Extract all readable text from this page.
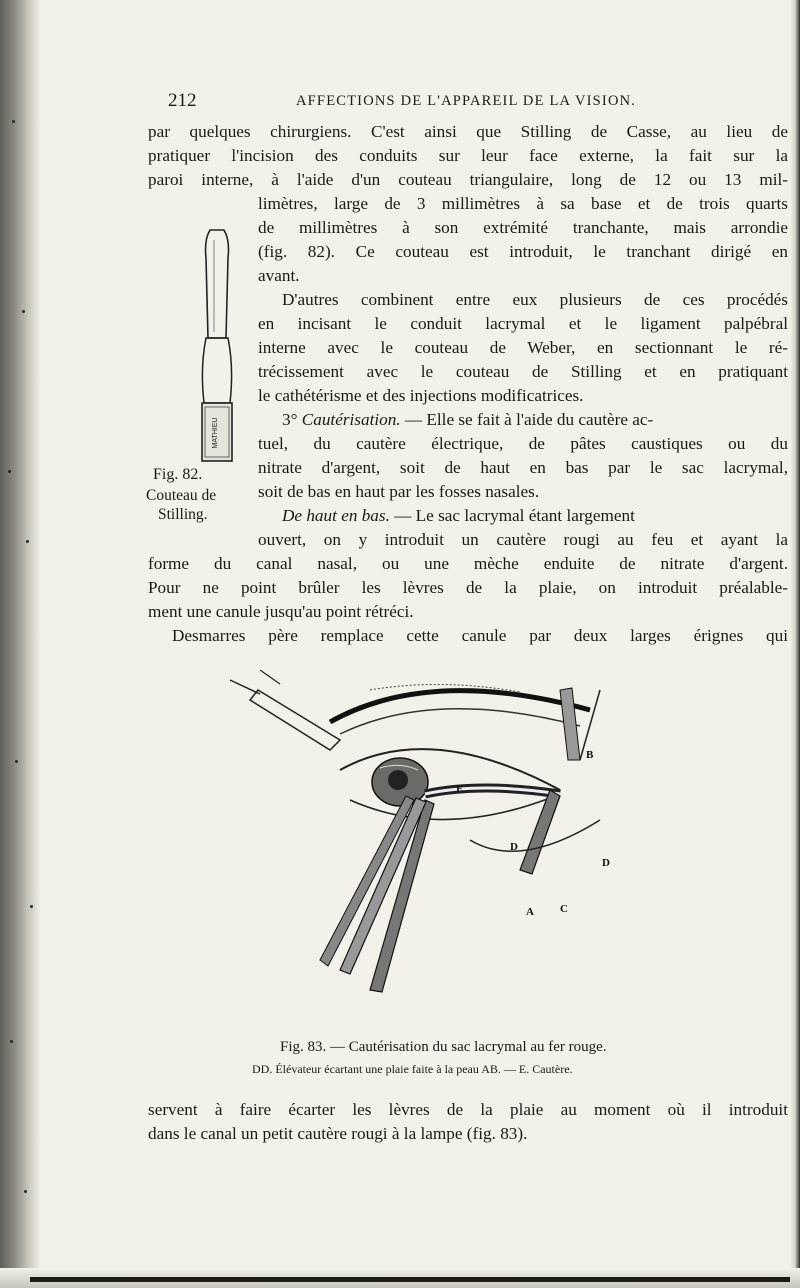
212	AFFECTIONS DE L'APPAREIL DE LA VISION.
par quelques chirurgiens. C'est ainsi que Stilling de Casse, au lieu de
pratiquer l'incision des conduits sur leur face externe, la fait sur la
paroi interne, à l'aide d'un couteau triangulaire, long de 12 ou 13 mil-
limètres, large de 3 millimètres à sa base et de trois quarts
de millimètres à son extrémité tranchante, mais arrondie
(fig. 82). Ce couteau est introduit, le tranchant dirigé en
avant.
D'autres combinent entre eux plusieurs de ces procédés
en incisant le conduit lacrymal et le ligament palpébral
interne avec le couteau de Weber, en sectionnant le ré-
trécissement avec le couteau de Stilling et en pratiquant
le cathétérisme et des injections modificatrices.
3° Cautérisation. — Elle se fait à l'aide du cautère ac-
tuel, du cautère électrique, de pâtes caustiques ou du
nitrate d'argent, soit de haut en bas par le sac lacrymal,
soit de bas en haut par les fosses nasales.
De haut en bas. — Le sac lacrymal étant largement
ouvert, on y introduit un cautère rougi au feu et ayant la
forme du canal nasal, ou une mèche enduite de nitrate d'argent.
Pour ne point brûler les lèvres de la plaie, on introduit préalable-
ment une canule jusqu'au point rétréci.
Desmarres père remplace cette canule par deux larges érignes qui
MATHIEU
Fig. 82.
Couteau de
Stilling.
E
B
D
D
A C
Fig. 83. — Cautérisation du sac lacrymal au fer rouge.
DD. Élévateur écartant une plaie faite à la peau AB. — E. Cautère.
servent à faire écarter les lèvres de la plaie au moment où il introduit
dans le canal un petit cautère rougi à la lampe (fig. 83).
